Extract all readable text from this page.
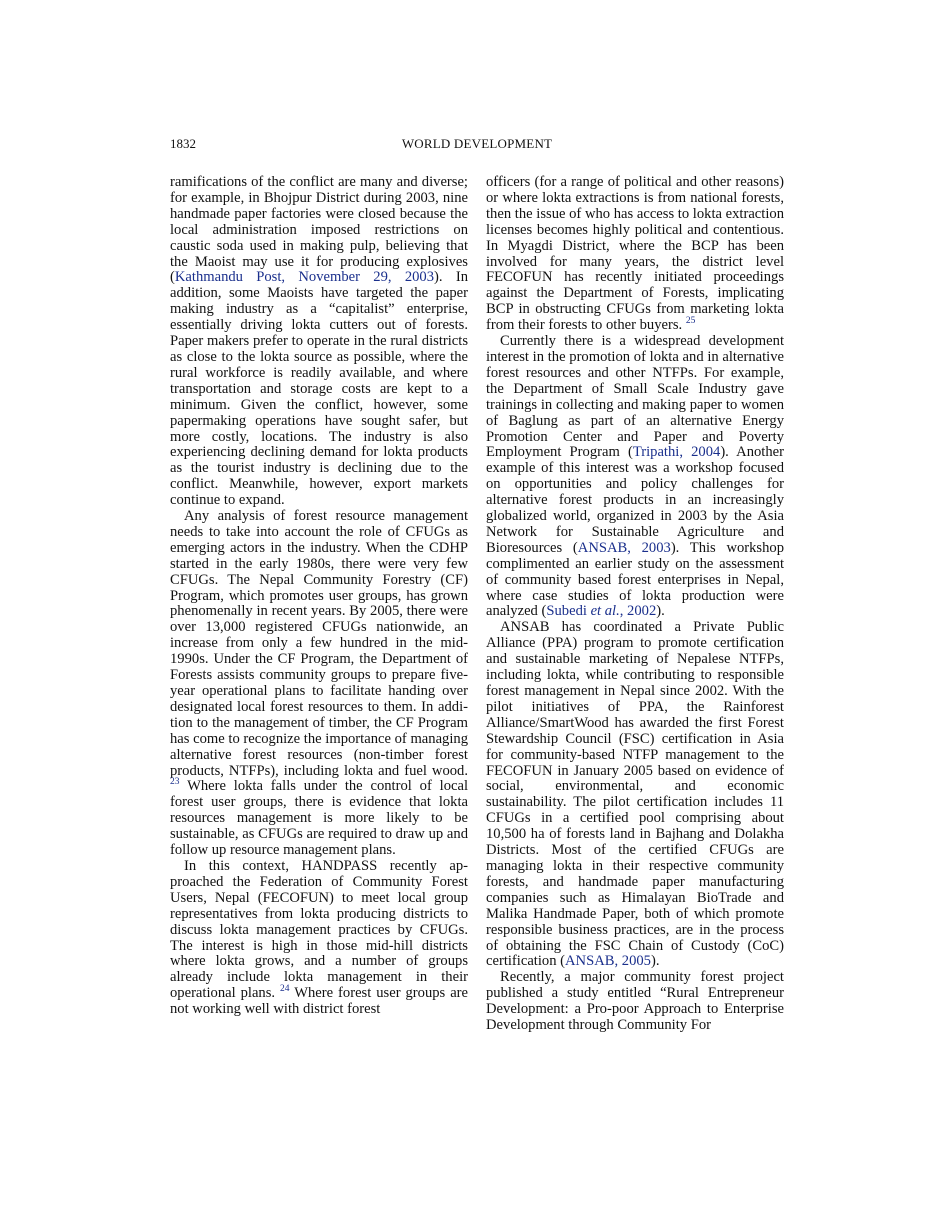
1832	WORLD DEVELOPMENT

ramifications of the conflict are many and diverse; for example, in Bhojpur District during 2003, nine handmade paper factories were closed because the local administration imposed restrictions on caustic soda used in making pulp, believing that the Maoist may use it for producing explosives (Kathmandu Post, November 29, 2003). In addition, some Maoists have targeted the paper making industry as a “capitalist” enterprise, essentially driving lokta cutters out of forests. Paper makers prefer to operate in the rural districts as close to the lokta source as possible, where the rural workforce is readily available, and where transportation and storage costs are kept to a minimum. Given the conflict, however, some papermaking operations have sought safer, but more costly, locations. The industry is also experiencing declining demand for lokta products as the tourist industry is declining due to the conflict. Meanwhile, however, export markets continue to expand.

Any analysis of forest resource management needs to take into account the role of CFUGs as emerging actors in the industry. When the CDHP started in the early 1980s, there were very few CFUGs. The Nepal Community Forestry (CF) Program, which promotes user groups, has grown phenomenally in recent years. By 2005, there were over 13,000 registered CFUGs nationwide, an increase from only a few hundred in the mid-1990s. Under the CF Program, the Department of Forests assists community groups to prepare five-year operational plans to facilitate handing over designated local forest resources to them. In addition to the management of timber, the CF Program has come to recognize the importance of managing alternative forest resources (non-timber forest products, NTFPs), including lokta and fuel wood. $^{23}$ Where lokta falls under the control of local forest user groups, there is evidence that lokta resources management is more likely to be sustainable, as CFUGs are required to draw up and follow up resource management plans.

In this context, HANDPASS recently approached the Federation of Community Forest Users, Nepal (FECOFUN) to meet local group representatives from lokta producing districts to discuss lokta management practices by CFUGs. The interest is high in those mid-hill districts where lokta grows, and a number of groups already include lokta management in their operational plans. $^{24}$ Where forest user groups are not working well with district forest

officers (for a range of political and other reasons) or where lokta extractions is from national forests, then the issue of who has access to lokta extraction licenses becomes highly political and contentious. In Myagdi District, where the BCP has been involved for many years, the district level FECOFUN has recently initiated proceedings against the Department of Forests, implicating BCP in obstructing CFUGs from marketing lokta from their forests to other buyers. $^{25}$

Currently there is a widespread development interest in the promotion of lokta and in alternative forest resources and other NTFPs. For example, the Department of Small Scale Industry gave trainings in collecting and making paper to women of Baglung as part of an alternative Energy Promotion Center and Paper and Poverty Employment Program (Tripathi, 2004). Another example of this interest was a workshop focused on opportunities and policy challenges for alternative forest products in an increasingly globalized world, organized in 2003 by the Asia Network for Sustainable Agriculture and Bioresources (ANSAB, 2003). This workshop complimented an earlier study on the assessment of community based forest enterprises in Nepal, where case studies of lokta production were analyzed (Subedi et al., 2002).

ANSAB has coordinated a Private Public Alliance (PPA) program to promote certification and sustainable marketing of Nepalese NTFPs, including lokta, while contributing to responsible forest management in Nepal since 2002. With the pilot initiatives of PPA, the Rainforest Alliance/SmartWood has awarded the first Forest Stewardship Council (FSC) certification in Asia for community-based NTFP management to the FECOFUN in January 2005 based on evidence of social, environmental, and economic sustainability. The pilot certification includes 11 CFUGs in a certified pool comprising about 10,500 ha of forests land in Bajhang and Dolakha Districts. Most of the certified CFUGs are managing lokta in their respective community forests, and handmade paper manufacturing companies such as Himalayan BioTrade and Malika Handmade Paper, both of which promote responsible business practices, are in the process of obtaining the FSC Chain of Custody (CoC) certification (ANSAB, 2005).

Recently, a major community forest project published a study entitled “Rural Entrepreneur Development: a Pro-poor Approach to Enterprise Development through Community For
